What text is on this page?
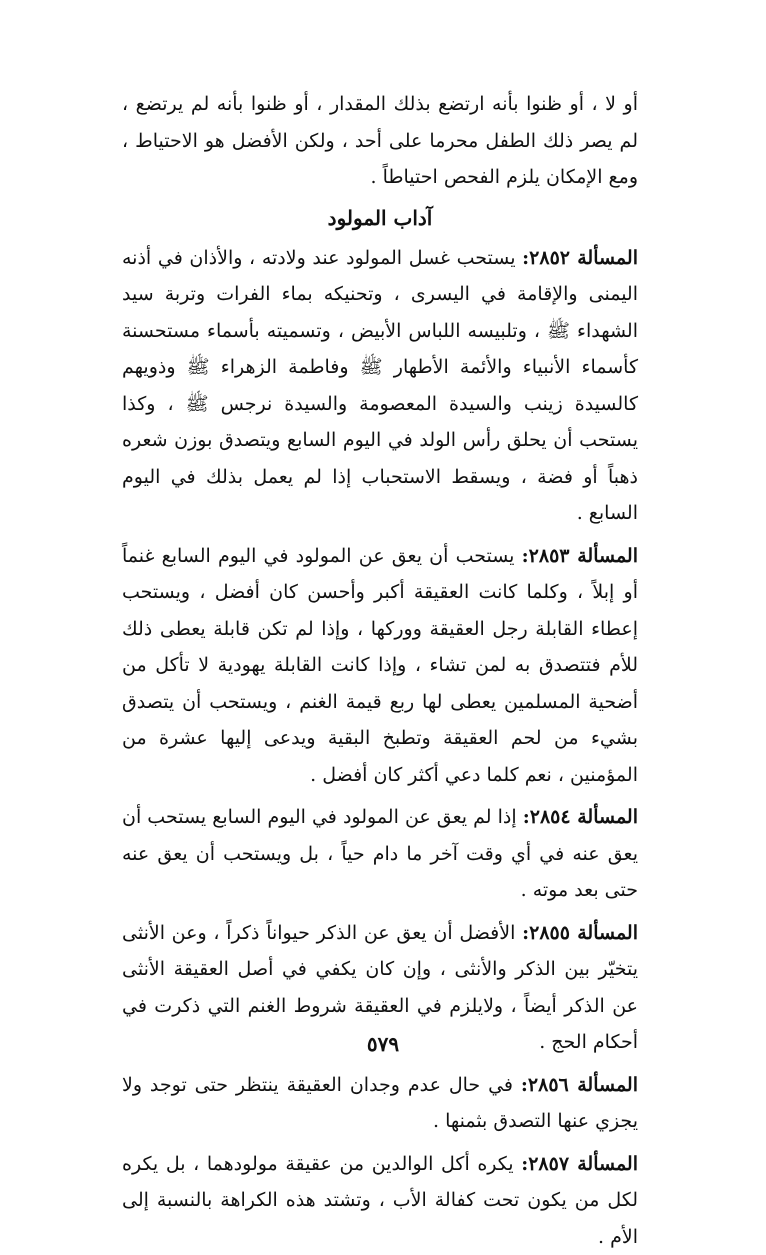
أو لا ، أو ظنوا بأنه ارتضع بذلك المقدار ، أو ظنوا بأنه لم يرتضع ، لم يصر ذلك الطفل محرما على أحد ، ولكن الأفضل هو الاحتياط ، ومع الإمكان يلزم الفحص احتياطاً .

آداب المولود

المسألة ٢٨٥٢: يستحب غسل المولود عند ولادته ، والأذان في أذنه اليمنى والإقامة في اليسرى ، وتحنيكه بماء الفرات وتربة سيد الشهداء ﷺ ، وتلبيسه اللباس الأبيض ، وتسميته بأسماء مستحسنة كأسماء الأنبياء والأئمة الأطهار ﷺ وفاطمة الزهراء ﷺ وذويهم كالسيدة زينب والسيدة المعصومة والسيدة نرجس ﷺ ، وكذا يستحب أن يحلق رأس الولد في اليوم السابع ويتصدق بوزن شعره ذهباً أو فضة ، ويسقط الاستحباب إذا لم يعمل بذلك في اليوم السابع .

المسألة ٢٨٥٣: يستحب أن يعق عن المولود في اليوم السابع غنماً أو إبلاً ، وكلما كانت العقيقة أكبر وأحسن كان أفضل ، ويستحب إعطاء القابلة رجل العقيقة ووركها ، وإذا لم تكن قابلة يعطى ذلك للأم فتتصدق به لمن تشاء ، وإذا كانت القابلة يهودية لا تأكل من أضحية المسلمين يعطى لها ربع قيمة الغنم ، ويستحب أن يتصدق بشيء من لحم العقيقة وتطبخ البقية ويدعى إليها عشرة من المؤمنين ، نعم كلما دعي أكثر كان أفضل .

المسألة ٢٨٥٤: إذا لم يعق عن المولود في اليوم السابع يستحب أن يعق عنه في أي وقت آخر ما دام حياً ، بل ويستحب أن يعق عنه حتى بعد موته .

المسألة ٢٨٥٥: الأفضل أن يعق عن الذكر حيواناً ذكراً ، وعن الأنثى يتخيّر بين الذكر والأنثى ، وإن كان يكفي في أصل العقيقة الأنثى عن الذكر أيضاً ، ولايلزم في العقيقة شروط الغنم التي ذكرت في أحكام الحج .

المسألة ٢٨٥٦: في حال عدم وجدان العقيقة ينتظر حتى توجد ولا يجزي عنها التصدق بثمنها .

المسألة ٢٨٥٧: يكره أكل الوالدين من عقيقة مولودهما ، بل يكره لكل من يكون تحت كفالة الأب ، وتشتد هذه الكراهة بالنسبة إلى الأم .

٥٧٩
